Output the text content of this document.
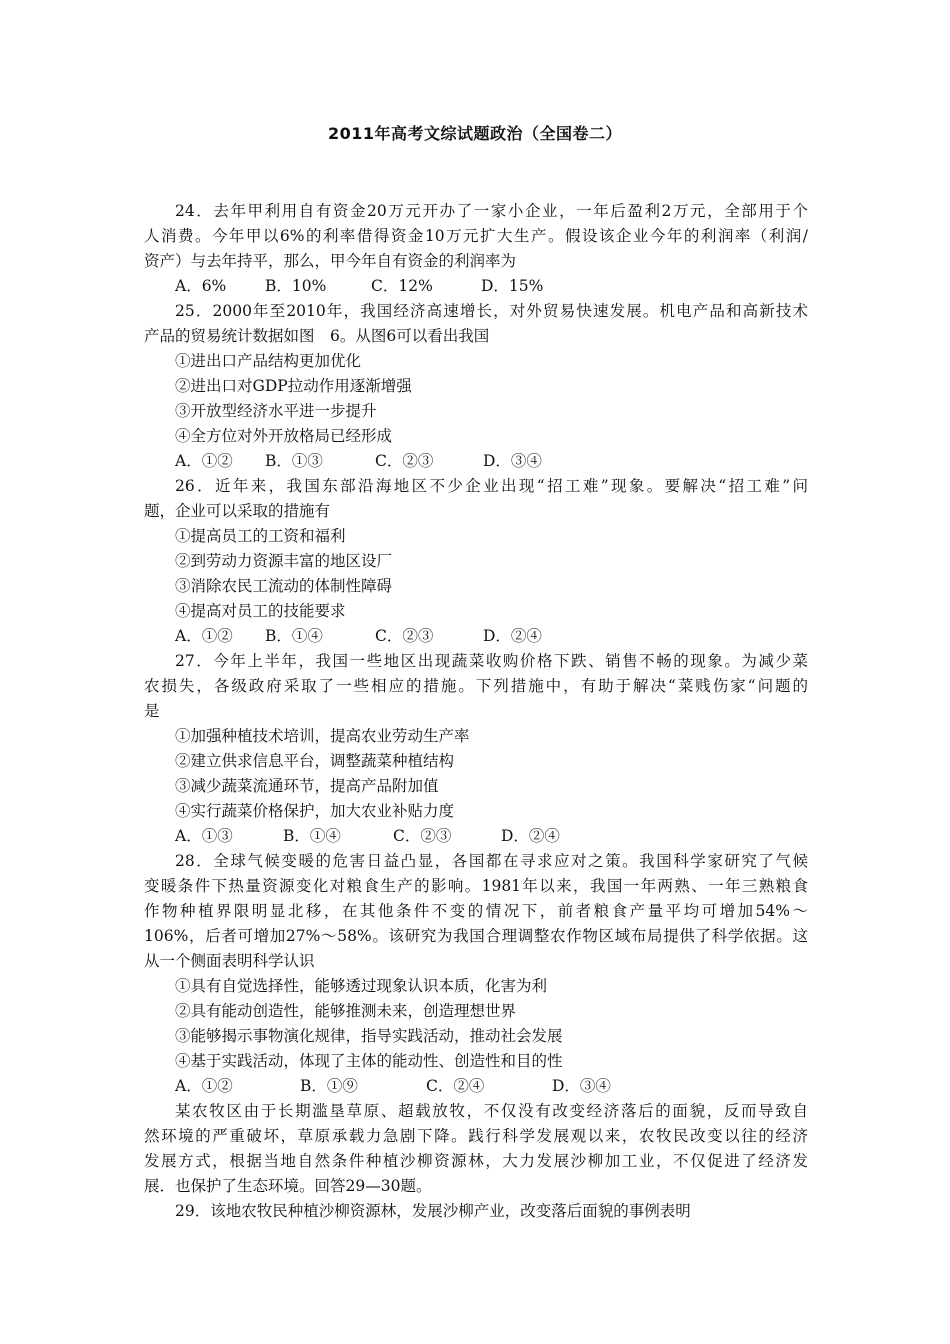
2011年高考文综试题政治（全国卷二）
24．去年甲利用自有资金20万元开办了一家小企业，一年后盈利2万元，全部用于个
人消费。今年甲以6%的利率借得资金10万元扩大生产。假设该企业今年的利润率（利润/
资产）与去年持平，那么，甲今年自有资金的利润率为
A．6%	B．10%	C．12%	D．15%
25．2000年至2010年，我国经济高速增长，对外贸易快速发展。机电产品和高新技术
产品的贸易统计数据如图　6。从图6可以看出我国
①进出口产品结构更加优化
②进出口对GDP拉动作用逐渐增强
③开放型经济水平进一步提升
④全方位对外开放格局已经形成
A．①②	B．①③	C．②③	D．③④
26．近年来，我国东部沿海地区不少企业出现“招工难”现象。要解决“招工难”问
题，企业可以采取的措施有
①提高员工的工资和福利
②到劳动力资源丰富的地区设厂
③消除农民工流动的体制性障碍
④提高对员工的技能要求
A．①②	B．①④	C．②③	D．②④
27．今年上半年，我国一些地区出现蔬菜收购价格下跌、销售不畅的现象。为减少菜
农损失，各级政府采取了一些相应的措施。下列措施中，有助于解决“菜贱伤家“问题的
是
①加强种植技术培训，提高农业劳动生产率
②建立供求信息平台，调整蔬菜种植结构
③减少蔬菜流通环节，提高产品附加值
④实行蔬菜价格保护，加大农业补贴力度
A．①③	B．①④	C．②③	D．②④
28．全球气候变暖的危害日益凸显，各国都在寻求应对之策。我国科学家研究了气候
变暖条件下热量资源变化对粮食生产的影响。1981年以来，我国一年两熟、一年三熟粮食
作物种植界限明显北移，在其他条件不变的情况下，前者粮食产量平均可增加54%～
106%，后者可增加27%～58%。该研究为我国合理调整农作物区域布局提供了科学依据。这
从一个侧面表明科学认识
①具有自觉选择性，能够透过现象认识本质，化害为利
②具有能动创造性，能够推测未来，创造理想世界
③能够揭示事物演化规律，指导实践活动，推动社会发展
④基于实践活动，体现了主体的能动性、创造性和目的性
A．①②	B．①⑨	C．②④	D．③④
某农牧区由于长期滥垦草原、超载放牧，不仅没有改变经济落后的面貌，反而导致自
然环境的严重破坏，草原承载力急剧下降。践行科学发展观以来，农牧民改变以往的经济
发展方式，根据当地自然条件种植沙柳资源林，大力发展沙柳加工业，不仅促进了经济发
展．也保护了生态环境。回答29—30题。
29．该地农牧民种植沙柳资源林，发展沙柳产业，改变落后面貌的事例表明
